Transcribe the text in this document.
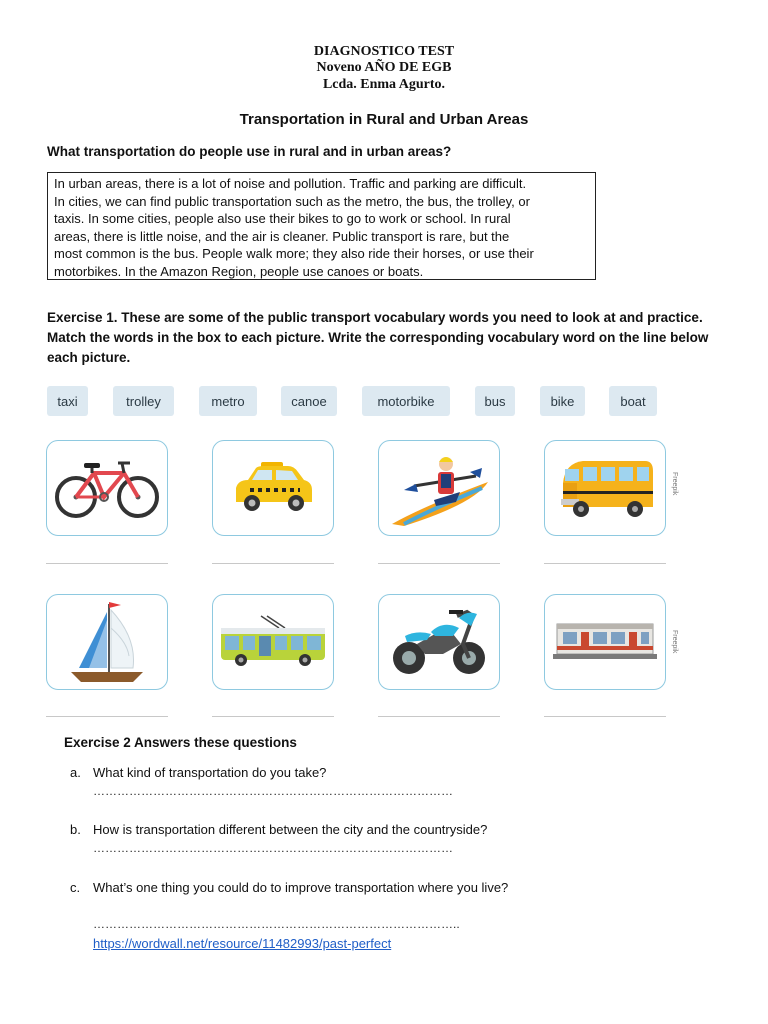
DIAGNOSTICO TEST
Noveno AÑO DE EGB
Lcda. Enma Agurto.
Transportation in Rural and Urban Areas
What transportation do people use in rural and in urban areas?
In urban areas, there is a lot of noise and pollution. Traffic and parking are difficult.
In cities, we can find public transportation such as the metro, the bus, the trolley, or
taxis. In some cities, people also use their bikes to go to work or school. In rural
areas, there is little noise, and the air is cleaner. Public transport is rare, but the
most common is the bus. People walk more; they also ride their horses, or use their
motorbikes. In the Amazon Region, people use canoes or boats.
Exercise 1. These are some of the public transport vocabulary words you need to look at and practice. Match the words in the box to each picture. Write the corresponding vocabulary word on the line below each picture.
taxi	trolley	metro	canoe	motorbike	bus	bike	boat
Freepik
Freepik
Exercise 2 Answers these questions
a. What kind of transportation do you take?
………………………………………………………………………………
b. How is transportation different between the city and the countryside?
………………………………………………………………………………
c. What’s one thing you could do to improve transportation where you live?
………………………………………………………………………………..
https://wordwall.net/resource/11482993/past-perfect
